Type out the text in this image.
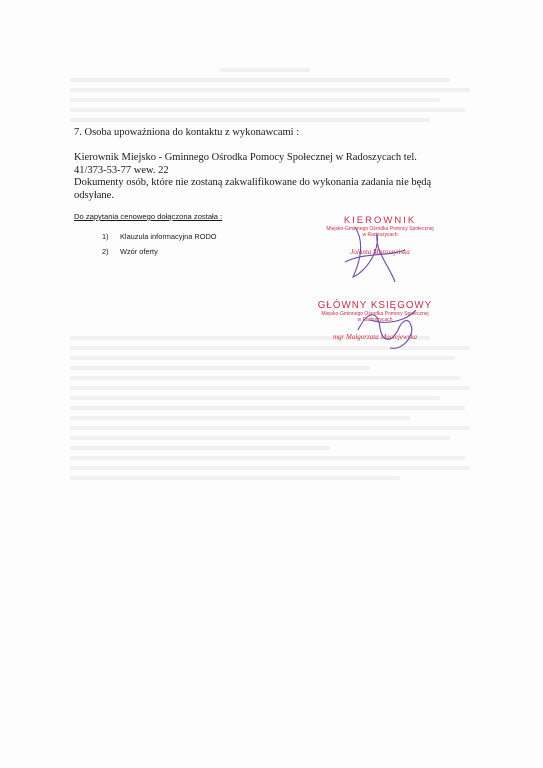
7. Osoba upoważniona do kontaktu z wykonawcami :
Kierownik Miejsko - Gminnego Ośrodka Pomocy Społecznej w Radoszycach tel.
41/373-53-77 wew. 22
Dokumenty osób, które nie zostaną zakwalifikowane do wykonania zadania nie będą
odsyłane.
Do zapytania cenowego dołączona została :
1)	Klauzula informacyjna RODO
2)	Wzór oferty
KIEROWNIK
Miejsko-Gminnego Ośrodka Pomocy Społecznej
w Radoszycach
Jolanta Moroszyńska
GŁÓWNY KSIĘGOWY
Miejsko-Gminnego Ośrodka Pomocy Społecznej
w Radoszycach
mgr Małgorzata Maciejewska
